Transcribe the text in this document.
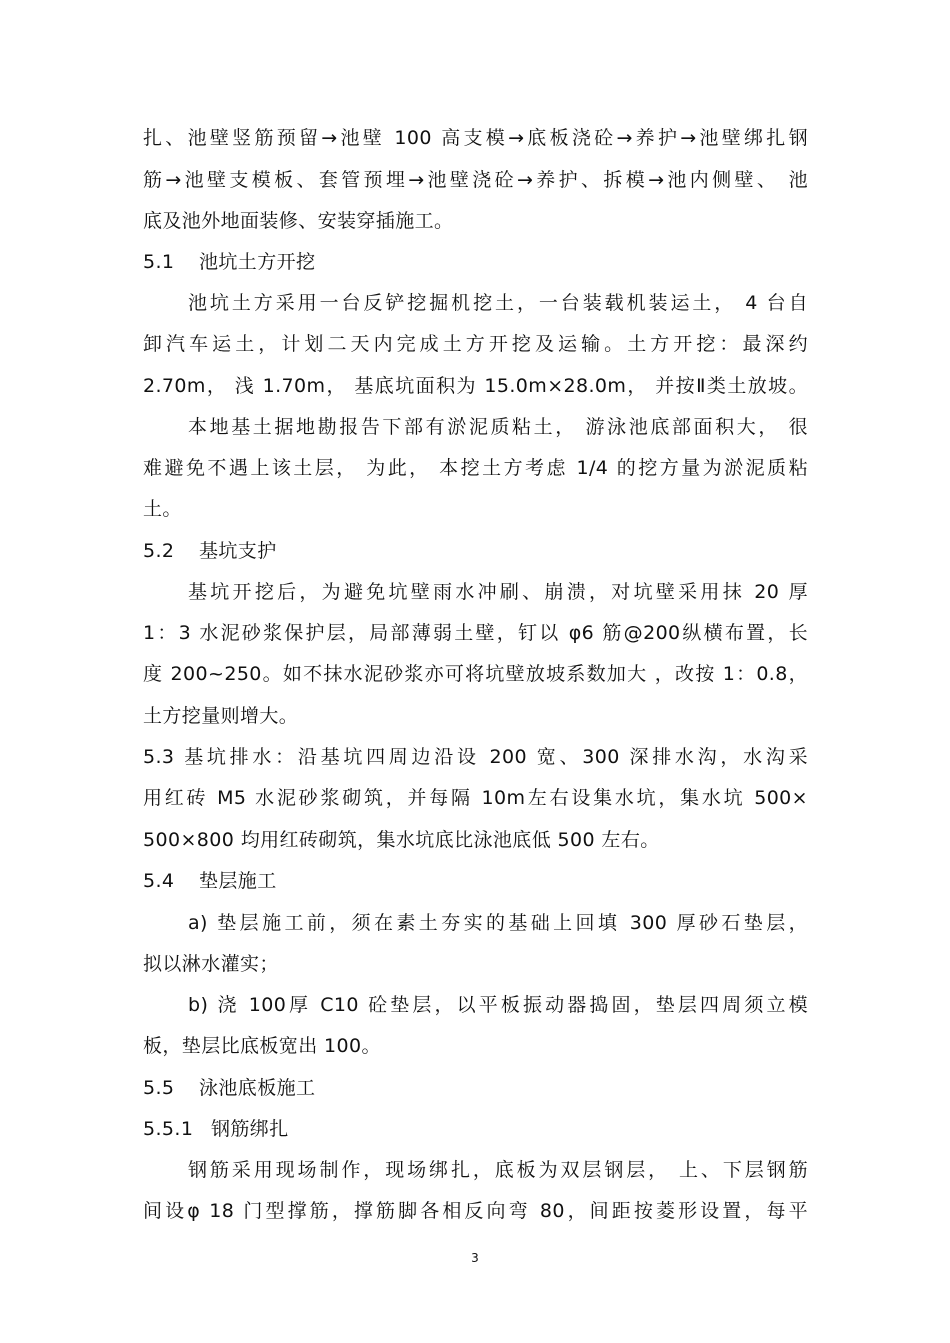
扎、池壁竖筋预留→池壁 100 高支模→底板浇砼→养护→池壁绑扎钢
筋→池壁支模板、套管预埋→池壁浇砼→养护、拆模→池内侧壁、 池
底及池外地面装修、安装穿插施工。
5.1 池坑土方开挖
池坑土方采用一台反铲挖掘机挖土，一台装载机装运土， 4 台自
卸汽车运土，计划二天内完成土方开挖及运输。土方开挖：最深约
2.70m， 浅 1.70m， 基底坑面积为 15.0m×28.0m， 并按Ⅱ类土放坡。
本地基土据地勘报告下部有淤泥质粘土， 游泳池底部面积大， 很
难避免不遇上该土层， 为此， 本挖土方考虑 1/4 的挖方量为淤泥质粘
土。
5.2 基坑支护
基坑开挖后，为避免坑壁雨水冲刷、崩溃，对坑壁采用抹 20 厚
1：3 水泥砂浆保护层，局部薄弱土壁，钉以 φ6 筋@200纵横布置，长
度 200~250。如不抹水泥砂浆亦可将坑壁放坡系数加大 ，改按 1：0.8，
土方挖量则增大。
5.3 基坑排水：沿基坑四周边沿设 200 宽、300 深排水沟，水沟采
用红砖 M5 水泥砂浆砌筑，并每隔 10m左右设集水坑，集水坑 500×
500×800 均用红砖砌筑，集水坑底比泳池底低 500 左右。
5.4 垫层施工
a) 垫层施工前，须在素土夯实的基础上回填 300 厚砂石垫层，
拟以淋水灌实；
b) 浇 100厚 C10 砼垫层，以平板振动器捣固，垫层四周须立模
板，垫层比底板宽出 100。
5.5 泳池底板施工
5.5.1 钢筋绑扎
钢筋采用现场制作，现场绑扎，底板为双层钢层， 上、下层钢筋
间设φ 18 门型撑筋，撑筋脚各相反向弯 80，间距按菱形设置，每平
3
